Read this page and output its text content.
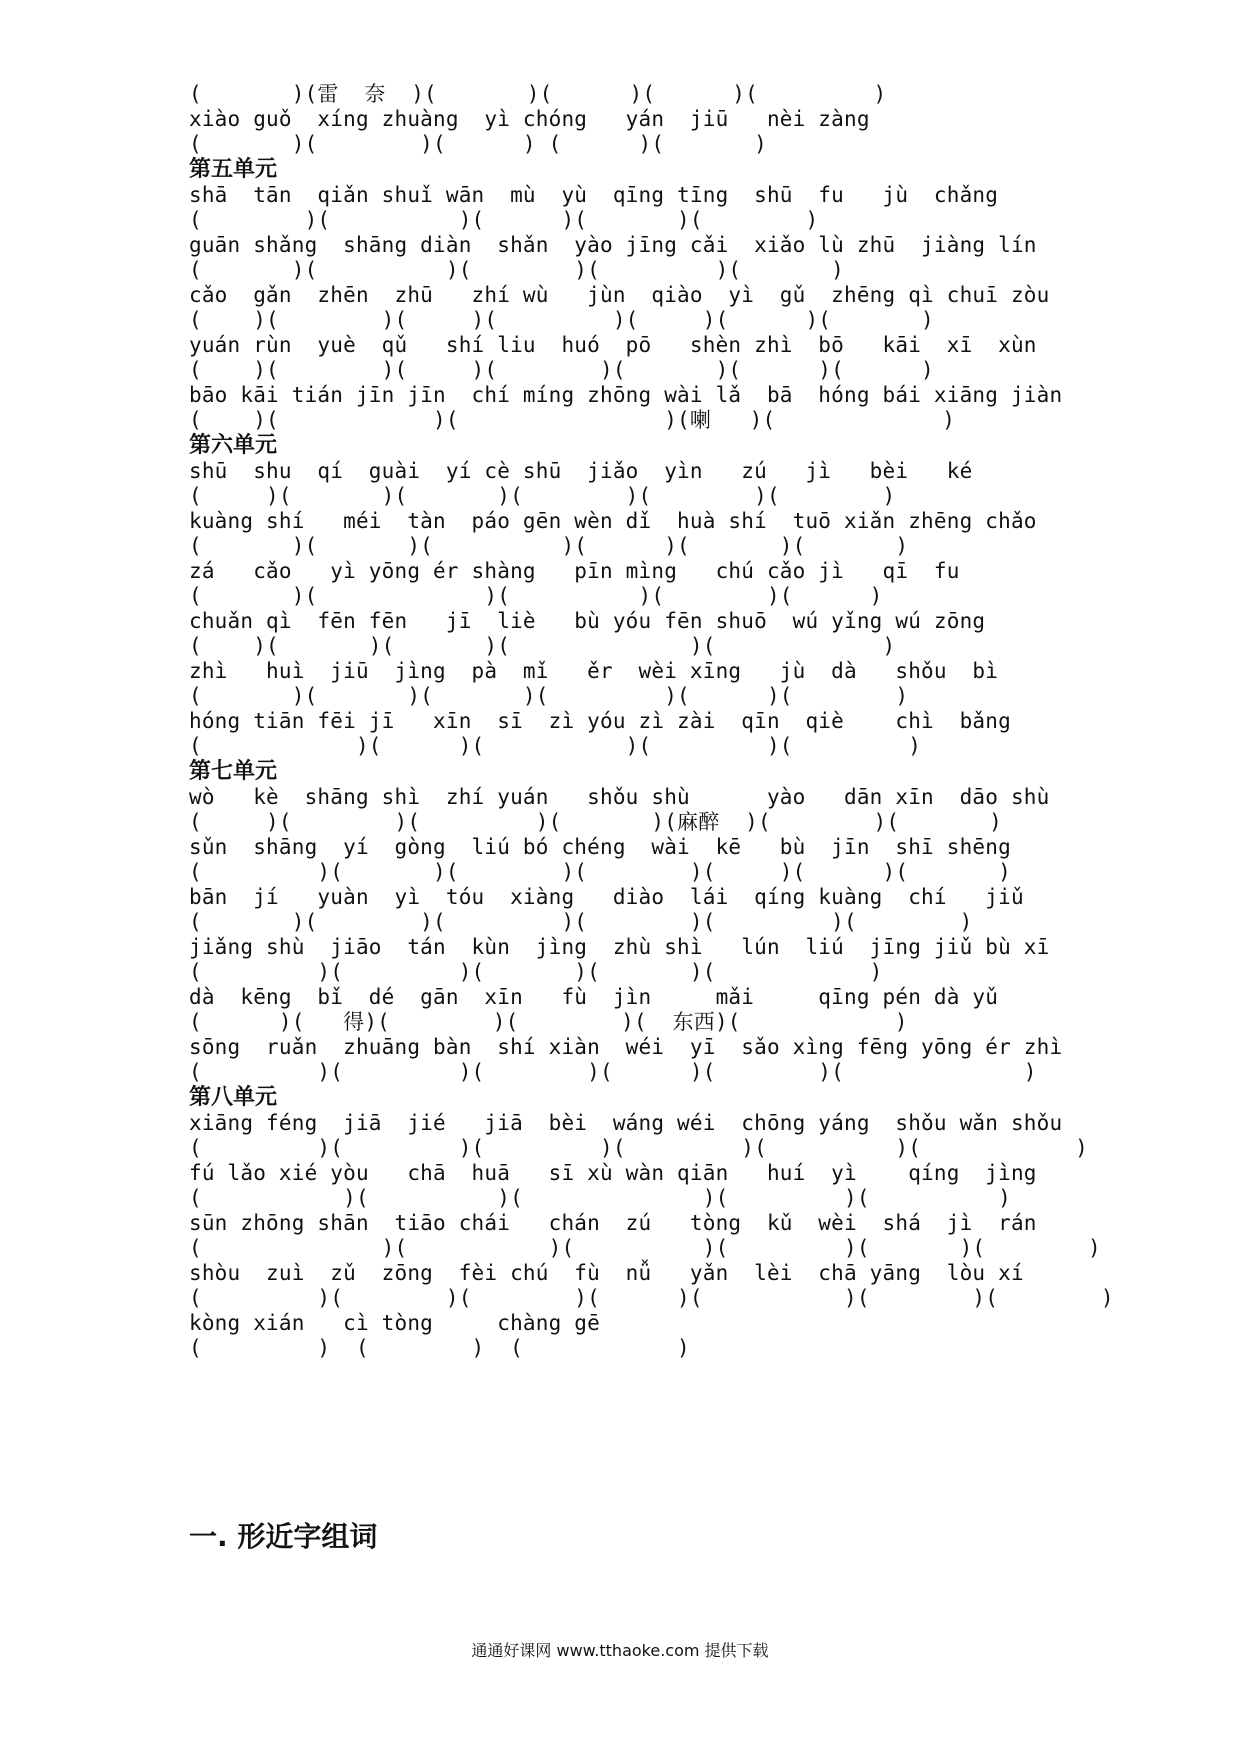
(       )(雷  奈  )(       )(      )(      )(         )
xiào guǒ  xíng zhuàng  yì chóng   yán  jiū   nèi zàng
(       )(        )(      ) (      )(       )
第五单元
shā  tān  qiǎn shuǐ wān  mù  yù  qīng tīng  shū  fu   jù  chǎng
(        )(          )(      )(       )(        )
guān shǎng  shāng diàn  shǎn  yào jīng cǎi  xiǎo lù zhū  jiàng lín
(       )(          )(        )(         )(       )
cǎo  gǎn  zhēn  zhū   zhí wù   jùn  qiào  yì  gǔ  zhēng qì chuī zòu
(    )(        )(     )(         )(     )(      )(       )
yuán rùn  yuè  qǔ   shí liu  huó  pō   shèn zhì  bō   kāi  xī  xùn
(    )(        )(     )(        )(       )(      )(      )
bāo kāi tián jīn jīn  chí míng zhōng wài lǎ  bā  hóng bái xiāng jiàn
(    )(            )(                )(喇   )(             )
第六单元
shū  shu  qí  guài  yí cè shū  jiǎo  yìn   zú   jì   bèi   ké
(     )(       )(       )(        )(        )(        )
kuàng shí   méi  tàn  páo gēn wèn dǐ  huà shí  tuō xiǎn zhēng chǎo
(       )(       )(          )(      )(       )(       )
zá   cǎo   yì yōng ér shàng   pīn mìng   chú cǎo jì   qī  fu
(       )(             )(          )(        )(      )
chuǎn qì  fēn fēn   jī  liè   bù yóu fēn shuō  wú yǐng wú zōng
(    )(       )(       )(              )(             )
zhì   huì  jiū  jìng  pà  mǐ   ěr  wèi xīng   jù  dà   shǒu  bì
(       )(       )(       )(         )(      )(        )
hóng tiān fēi jī   xīn  sī  zì yóu zì zài  qīn  qiè    chì  bǎng
(            )(      )(           )(         )(         )
第七单元
wò   kè  shāng shì  zhí yuán   shǒu shù      yào   dān xīn  dāo shù
(     )(        )(         )(       )(麻醉  )(        )(       )
sǔn  shāng  yí  gòng  liú bó chéng  wài  kē   bù  jīn  shī shēng
(         )(       )(        )(        )(     )(      )(       )
bān  jí   yuàn  yì  tóu  xiàng   diào  lái  qíng kuàng  chí   jiǔ
(       )(        )(         )(        )(         )(        )
jiǎng shù  jiāo  tán  kùn  jìng  zhù shì   lún  liú  jīng jiǔ bù xī
(         )(         )(       )(       )(            )
dà  kēng  bǐ  dé  gān  xīn   fù  jìn     mǎi     qīng pén dà yǔ
(      )(   得)(        )(        )(  东西)(            )
sōng  ruǎn  zhuāng bàn  shí xiàn  wéi  yī  sǎo xìng fēng yōng ér zhì
(         )(         )(        )(      )(        )(              )
第八单元
xiāng féng  jiā  jié   jiā  bèi  wáng wéi  chōng yáng  shǒu wǎn shǒu
(         )(         )(         )(         )(          )(            )
fú lǎo xié yòu   chā  huā   sī xù wàn qiān   huí  yì    qíng  jìng
(           )(          )(              )(         )(          )
sūn zhōng shān  tiāo chái   chán  zú   tòng  kǔ  wèi  shá  jì  rán
(              )(           )(          )(         )(       )(        )
shòu  zuì  zǔ  zōng  fèi chú  fù  nǚ   yǎn  lèi  chā yāng  lòu xí
(         )(        )(        )(      )(           )(        )(        )
kòng xián   cì tòng     chàng gē
(         )  (        )  (            )
一. 形近字组词
通通好课网 www.tthaoke.com 提供下载
